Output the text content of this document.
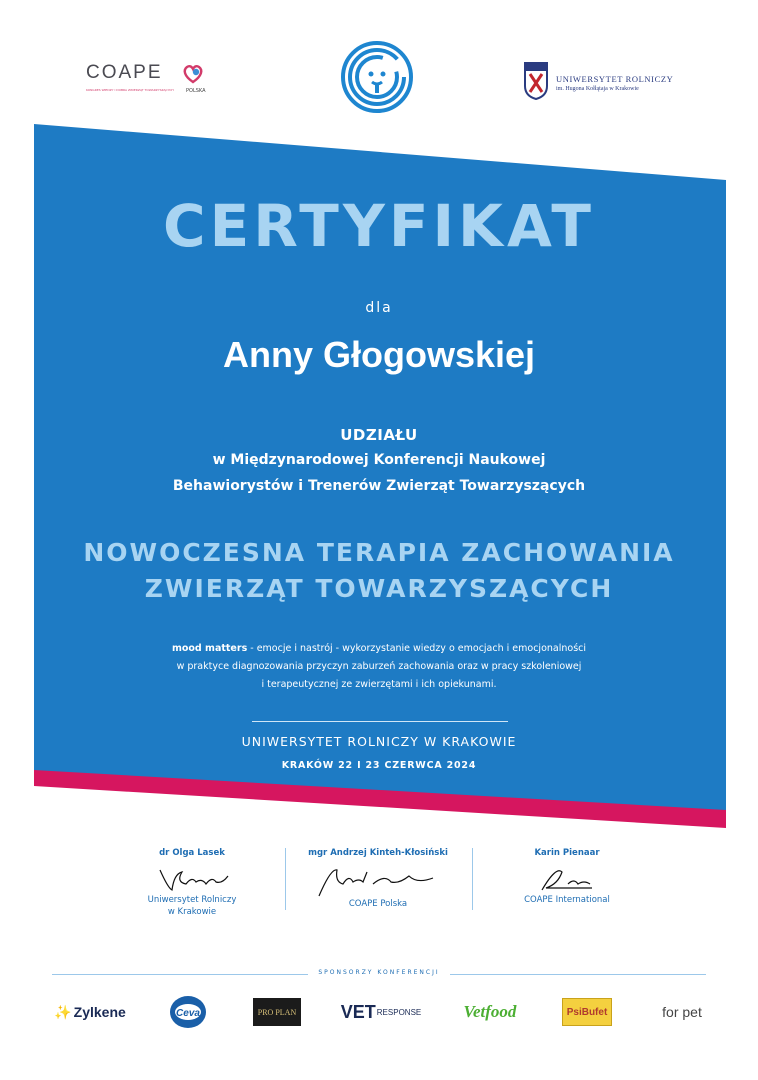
COAPE
KONGRES WIEDZY I DOBRA ZWIERZĄT TOWARZYSZĄCYCH POLSKA
UNIWERSYTET ROLNICZY
im. Hugona Kołłątaja w Krakowie
CERTYFIKAT
dla
Anny Głogowskiej
UDZIAŁU
w Międzynarodowej Konferencji Naukowej
Behawiorystów i Trenerów Zwierząt Towarzyszących
NOWOCZESNA TERAPIA ZACHOWANIA
ZWIERZĄT TOWARZYSZĄCYCH
mood matters - emocje i nastrój - wykorzystanie wiedzy o emocjach i emocjonalności
w praktyce diagnozowania przyczyn zaburzeń zachowania oraz w pracy szkoleniowej
i terapeutycznej ze zwierzętami i ich opiekunami.
UNIWERSYTET ROLNICZY W KRAKOWIE
KRAKÓW 22 I 23 CZERWCA 2024
dr Olga Lasek
Uniwersytet Rolniczy
w Krakowie
mgr Andrzej Kinteh-Kłosiński
COAPE Polska
Karin Pienaar
COAPE International
SPONSORZY KONFERENCJI
✨ Zylkene	Ceva	PRO PLAN VET RESPONSE Vetfood	PsiBufet	for pet
